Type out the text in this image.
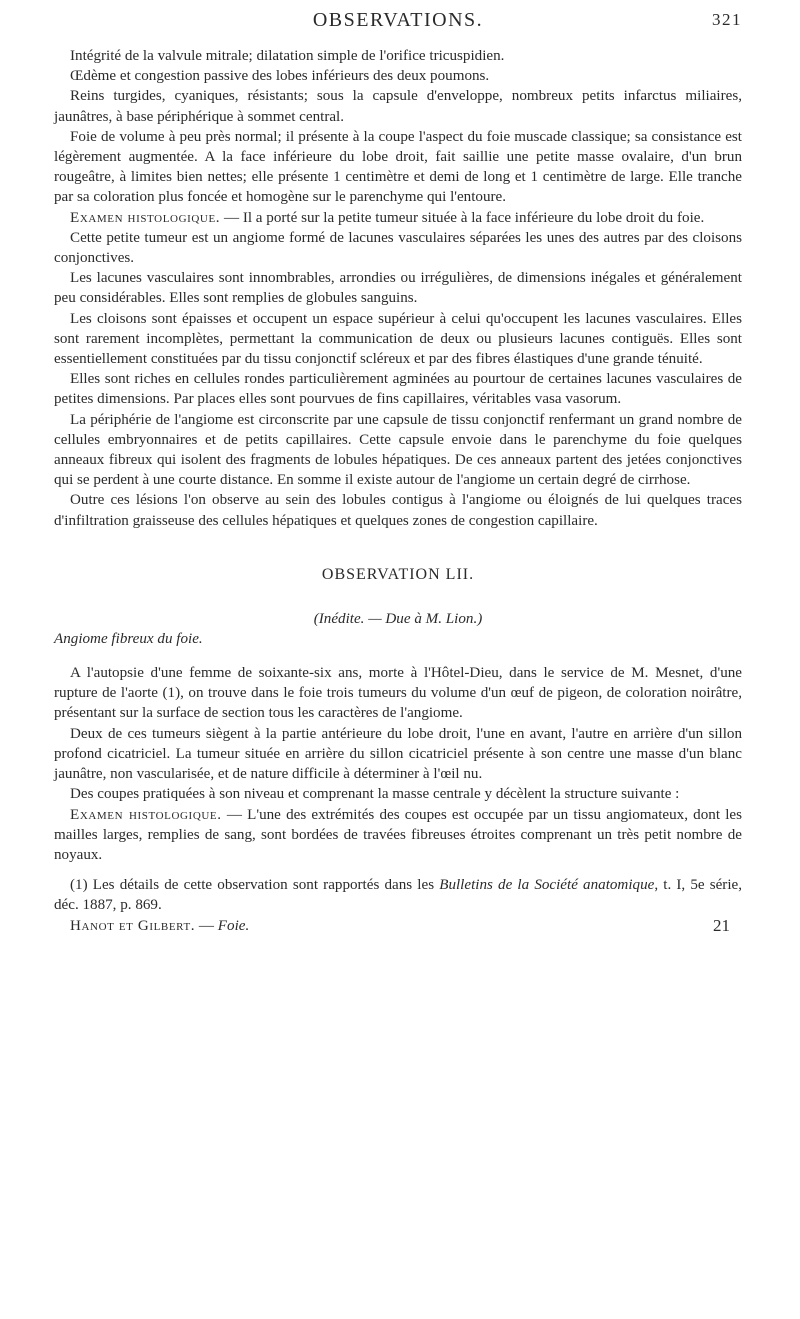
OBSERVATIONS.	321

Intégrité de la valvule mitrale; dilatation simple de l'orifice tricuspidien.

Œdème et congestion passive des lobes inférieurs des deux poumons.

Reins turgides, cyaniques, résistants; sous la capsule d'enveloppe, nombreux petits infarctus miliaires, jaunâtres, à base périphérique à sommet central.

Foie de volume à peu près normal; il présente à la coupe l'aspect du foie muscade classique; sa consistance est légèrement augmentée. A la face inférieure du lobe droit, fait saillie une petite masse ovalaire, d'un brun rougeâtre, à limites bien nettes; elle présente 1 centimètre et demi de long et 1 centimètre de large. Elle tranche par sa coloration plus foncée et homogène sur le parenchyme qui l'entoure.

Examen histologique. — Il a porté sur la petite tumeur située à la face inférieure du lobe droit du foie.

Cette petite tumeur est un angiome formé de lacunes vasculaires séparées les unes des autres par des cloisons conjonctives.

Les lacunes vasculaires sont innombrables, arrondies ou irrégulières, de dimensions inégales et généralement peu considérables. Elles sont remplies de globules sanguins.

Les cloisons sont épaisses et occupent un espace supérieur à celui qu'occupent les lacunes vasculaires. Elles sont rarement incomplètes, permettant la communication de deux ou plusieurs lacunes contiguës. Elles sont essentiellement constituées par du tissu conjonctif scléreux et par des fibres élastiques d'une grande ténuité.

Elles sont riches en cellules rondes particulièrement agminées au pourtour de certaines lacunes vasculaires de petites dimensions. Par places elles sont pourvues de fins capillaires, véritables vasa vasorum.

La périphérie de l'angiome est circonscrite par une capsule de tissu conjonctif renfermant un grand nombre de cellules embryonnaires et de petits capillaires. Cette capsule envoie dans le parenchyme du foie quelques anneaux fibreux qui isolent des fragments de lobules hépatiques. De ces anneaux partent des jetées conjonctives qui se perdent à une courte distance. En somme il existe autour de l'angiome un certain degré de cirrhose.

Outre ces lésions l'on observe au sein des lobules contigus à l'angiome ou éloignés de lui quelques traces d'infiltration graisseuse des cellules hépatiques et quelques zones de congestion capillaire.

OBSERVATION LII.
(Inédite. — Due à M. Lion.)
Angiome fibreux du foie.

A l'autopsie d'une femme de soixante-six ans, morte à l'Hôtel-Dieu, dans le service de M. Mesnet, d'une rupture de l'aorte (1), on trouve dans le foie trois tumeurs du volume d'un œuf de pigeon, de coloration noirâtre, présentant sur la surface de section tous les caractères de l'angiome.

Deux de ces tumeurs siègent à la partie antérieure du lobe droit, l'une en avant, l'autre en arrière d'un sillon profond cicatriciel. La tumeur située en arrière du sillon cicatriciel présente à son centre une masse d'un blanc jaunâtre, non vascularisée, et de nature difficile à déterminer à l'œil nu.

Des coupes pratiquées à son niveau et comprenant la masse centrale y décèlent la structure suivante :

Examen histologique. — L'une des extrémités des coupes est occupée par un tissu angiomateux, dont les mailles larges, remplies de sang, sont bordées de travées fibreuses étroites comprenant un très petit nombre de noyaux.

(1) Les détails de cette observation sont rapportés dans les Bulletins de la Société anatomique, t. I, 5e série, déc. 1887, p. 869.

Hanot et Gilbert. — Foie.	21
